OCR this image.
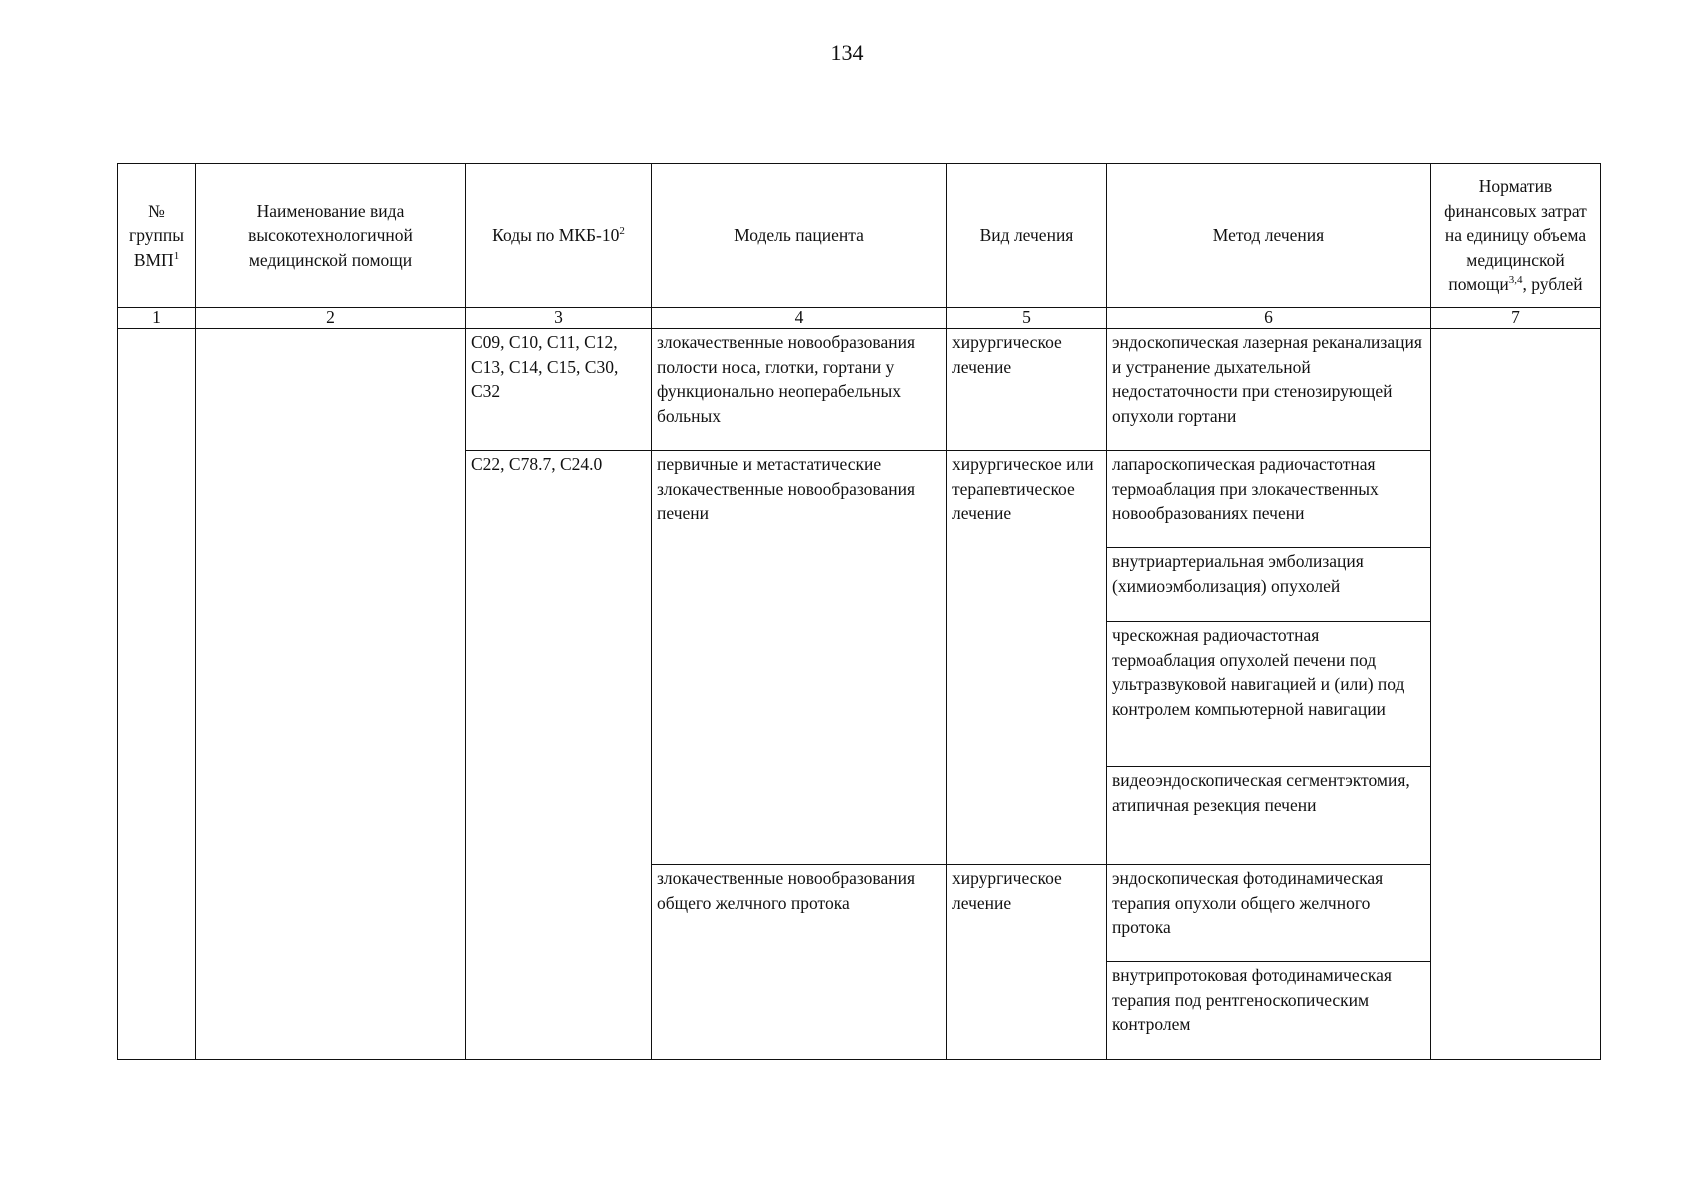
134
№ группы ВМП$^1$	Наименование вида высокотехнологичной медицинской помощи	Коды по МКБ-$10^2$	Модель пациента	Вид лечения	Метод лечения	Норматив финансовых затрат на единицу объема медицинской помощи$^{3,4}$, рублей
1	2	3	4	5	6	7
		C09, C10, C11, C12, C13, C14, C15, C30, C32	злокачественные новообразования полости носа, глотки, гортани у функционально неоперабельных больных	хирургическое лечение	эндоскопическая лазерная реканализация и устранение дыхательной недостаточности при стенозирующей опухоли гортани	
		C22, C78.7, C24.0	первичные и метастатические злокачественные новообразования печени	хирургическое или терапевтическое лечение	лапароскопическая радиочастотная термоаблация при злокачественных новообразованиях печени	
					внутриартериальная эмболизация (химиоэмболизация) опухолей	
					чрескожная радиочастотная термоаблация опухолей печени под ультразвуковой навигацией и (или) под контролем компьютерной навигации	
					видеоэндоскопическая сегментэктомия, атипичная резекция печени	
			злокачественные новообразования общего желчного протока	хирургическое лечение	эндоскопическая фотодинамическая терапия опухоли общего желчного протока	
					внутрипротоковая фотодинамическая терапия под рентгеноскопическим контролем	
